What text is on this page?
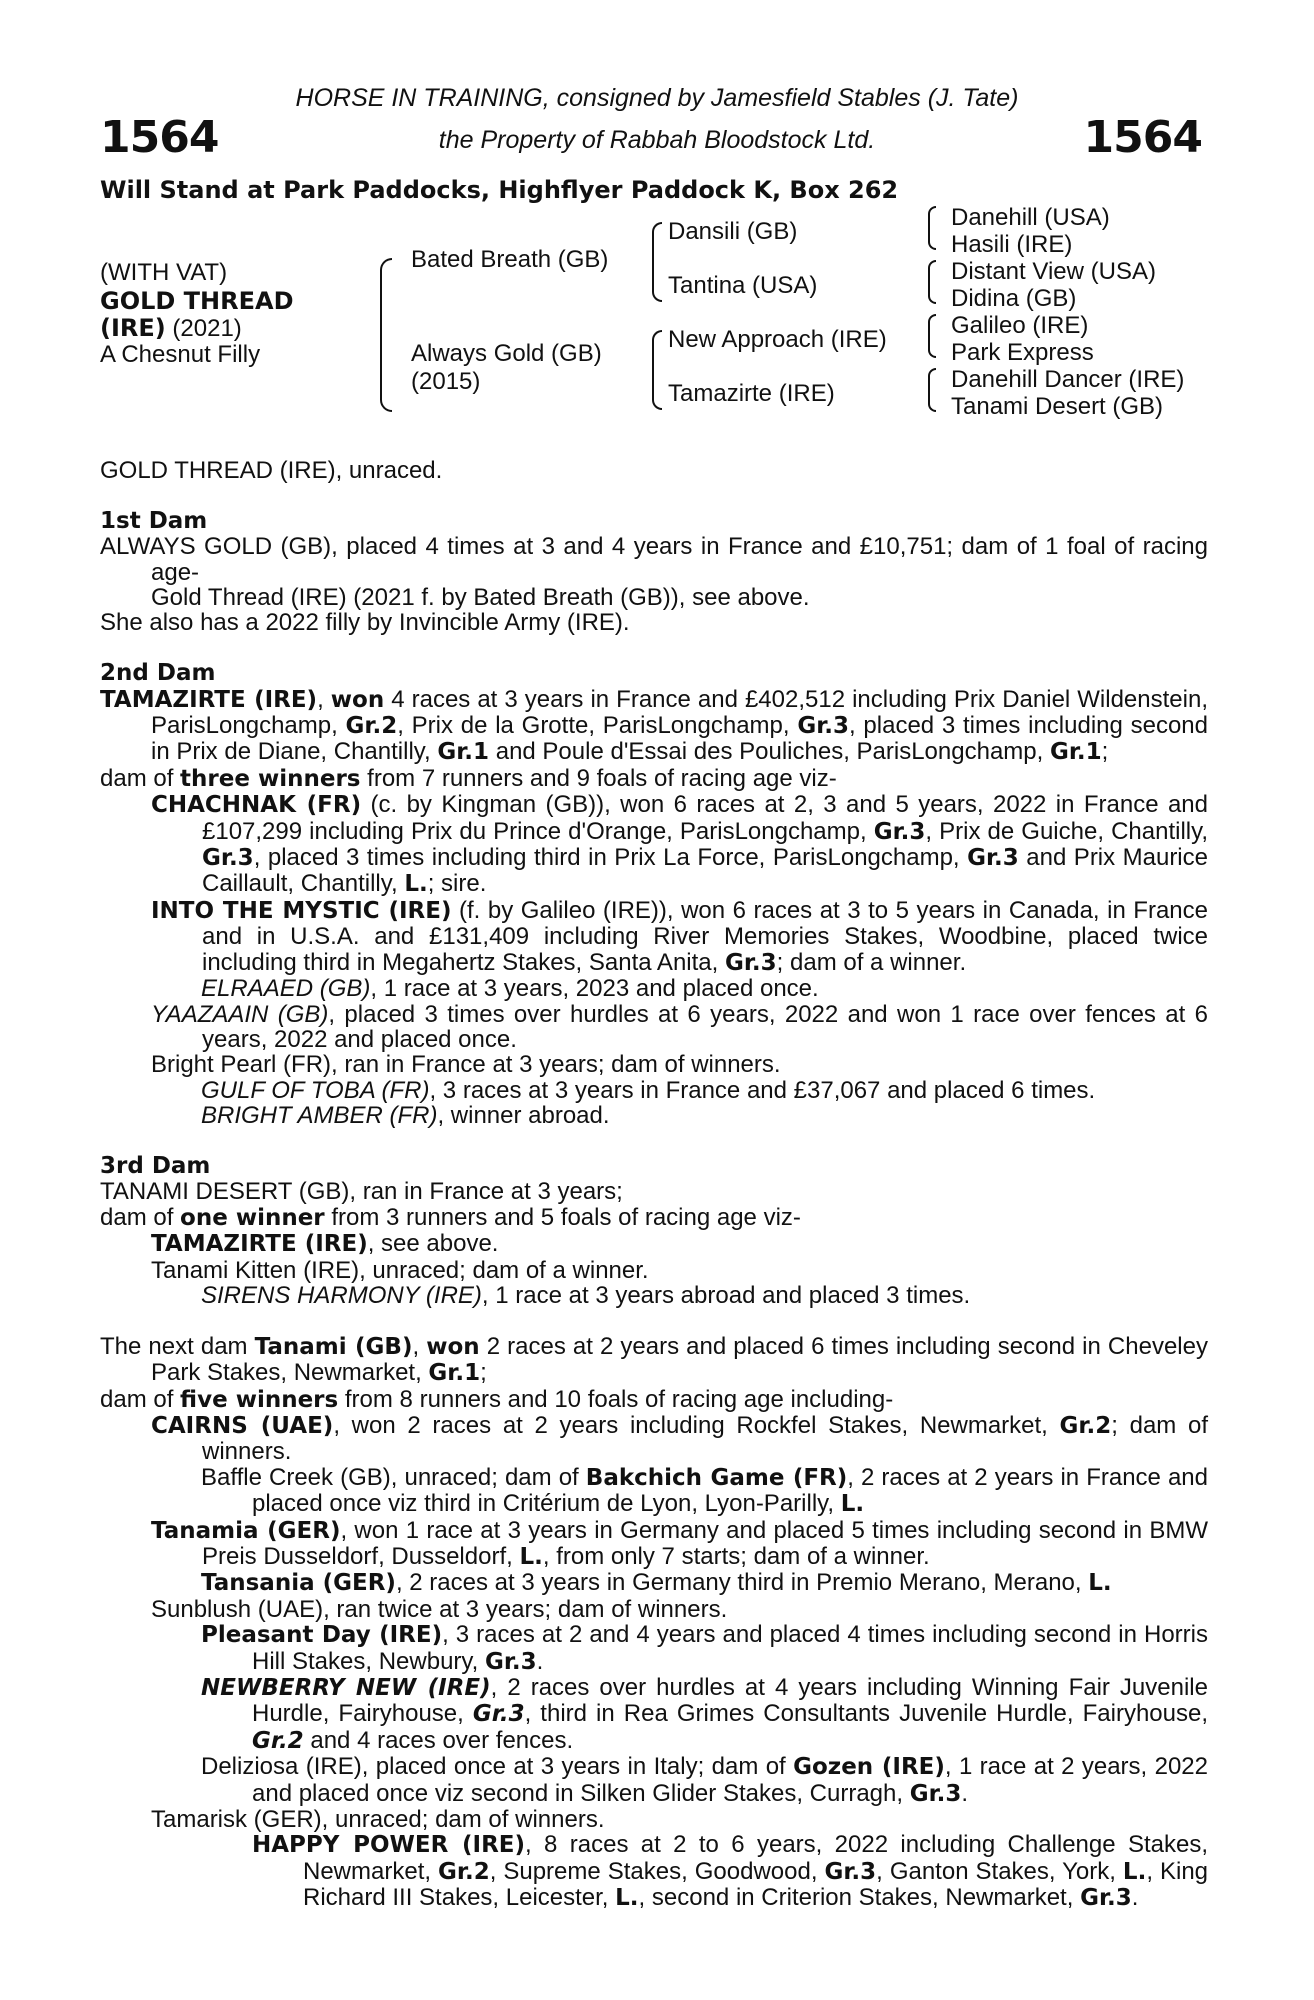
1564	1564
HORSE IN TRAINING, consigned by Jamesfield Stables (J. Tate)
the Property of Rabbah Bloodstock Ltd.
Will Stand at Park Paddocks, Highflyer Paddock K, Box 262
(WITH VAT)
GOLD THREAD
(IRE) (2021)
A Chesnut Filly
Bated Breath (GB)
Always Gold (GB)
(2015)
Dansili (GB)
Tantina (USA)
New Approach (IRE)
Tamazirte (IRE)
Danehill (USA)
Hasili (IRE)
Distant View (USA)
Didina (GB)
Galileo (IRE)
Park Express
Danehill Dancer (IRE)
Tanami Desert (GB)

GOLD THREAD (IRE), unraced.

1st Dam

ALWAYS GOLD (GB), placed 4 times at 3 and 4 years in France and £10,751; dam of 1 foal of racing age-

Gold Thread (IRE) (2021 f. by Bated Breath (GB)), see above.

She also has a 2022 filly by Invincible Army (IRE).

2nd Dam

TAMAZIRTE (IRE), won 4 races at 3 years in France and £402,512 including Prix Daniel Wildenstein, ParisLongchamp, Gr.2, Prix de la Grotte, ParisLongchamp, Gr.3, placed 3 times including second in Prix de Diane, Chantilly, Gr.1 and Poule d'Essai des Pouliches, ParisLongchamp, Gr.1;

dam of three winners from 7 runners and 9 foals of racing age viz-

CHACHNAK (FR) (c. by Kingman (GB)), won 6 races at 2, 3 and 5 years, 2022 in France and £107,299 including Prix du Prince d'Orange, ParisLongchamp, Gr.3, Prix de Guiche, Chantilly, Gr.3, placed 3 times including third in Prix La Force, ParisLongchamp, Gr.3 and Prix Maurice Caillault, Chantilly, L.; sire.

INTO THE MYSTIC (IRE) (f. by Galileo (IRE)), won 6 races at 3 to 5 years in Canada, in France and in U.S.A. and £131,409 including River Memories Stakes, Woodbine, placed twice including third in Megahertz Stakes, Santa Anita, Gr.3; dam of a winner.

ELRAAED (GB), 1 race at 3 years, 2023 and placed once.

YAAZAAIN (GB), placed 3 times over hurdles at 6 years, 2022 and won 1 race over fences at 6 years, 2022 and placed once.

Bright Pearl (FR), ran in France at 3 years; dam of winners.

GULF OF TOBA (FR), 3 races at 3 years in France and £37,067 and placed 6 times.

BRIGHT AMBER (FR), winner abroad.

3rd Dam

TANAMI DESERT (GB), ran in France at 3 years;

dam of one winner from 3 runners and 5 foals of racing age viz-

TAMAZIRTE (IRE), see above.

Tanami Kitten (IRE), unraced; dam of a winner.

SIRENS HARMONY (IRE), 1 race at 3 years abroad and placed 3 times.

The next dam Tanami (GB), won 2 races at 2 years and placed 6 times including second in Cheveley Park Stakes, Newmarket, Gr.1;

dam of five winners from 8 runners and 10 foals of racing age including-

CAIRNS (UAE), won 2 races at 2 years including Rockfel Stakes, Newmarket, Gr.2; dam of winners.

Baffle Creek (GB), unraced; dam of Bakchich Game (FR), 2 races at 2 years in France and placed once viz third in Critérium de Lyon, Lyon-Parilly, L.

Tanamia (GER), won 1 race at 3 years in Germany and placed 5 times including second in BMW Preis Dusseldorf, Dusseldorf, L., from only 7 starts; dam of a winner.

Tansania (GER), 2 races at 3 years in Germany third in Premio Merano, Merano, L.

Sunblush (UAE), ran twice at 3 years; dam of winners.

Pleasant Day (IRE), 3 races at 2 and 4 years and placed 4 times including second in Horris Hill Stakes, Newbury, Gr.3.

NEWBERRY NEW (IRE), 2 races over hurdles at 4 years including Winning Fair Juvenile Hurdle, Fairyhouse, Gr.3, third in Rea Grimes Consultants Juvenile Hurdle, Fairyhouse, Gr.2 and 4 races over fences.

Deliziosa (IRE), placed once at 3 years in Italy; dam of Gozen (IRE), 1 race at 2 years, 2022 and placed once viz second in Silken Glider Stakes, Curragh, Gr.3.

Tamarisk (GER), unraced; dam of winners.

HAPPY POWER (IRE), 8 races at 2 to 6 years, 2022 including Challenge Stakes, Newmarket, Gr.2, Supreme Stakes, Goodwood, Gr.3, Ganton Stakes, York, L., King Richard III Stakes, Leicester, L., second in Criterion Stakes, Newmarket, Gr.3.
